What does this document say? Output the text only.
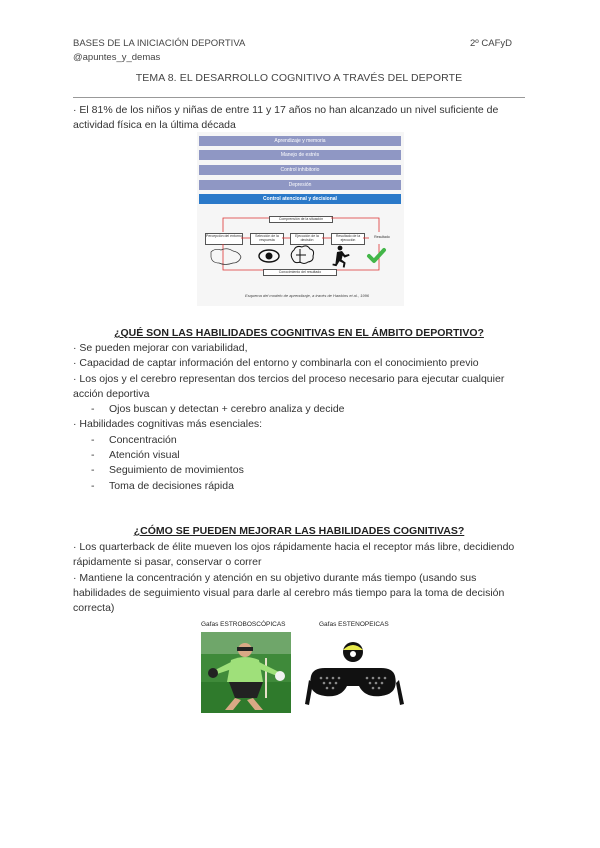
BASES DE LA INICIACIÓN DEPORTIVA
@apuntes_y_demas
2º CAFyD
TEMA 8. EL DESARROLLO COGNITIVO A TRAVÉS DEL DEPORTE
· El 81% de los niños y niñas de entre 11 y 17 años no han alcanzado un nivel suficiente de
actividad física en la última década
Aprendizaje y memoria
Manejo de estrés
Control inhibitorio
Depresión
Control atencional y decisional
Comprensión de la situación
Percepción del entorno	Selección de la respuesta
Ejecución de la decisión
Resultado de la ejecución
Resultado
Conocimiento del resultado
Esquema del modelo de aprendizaje, a través de Hawkins et al., 1996
¿QUÉ SON LAS HABILIDADES COGNITIVAS EN EL ÁMBITO DEPORTIVO?
· Se pueden mejorar con variabilidad,
· Capacidad de captar información del entorno y combinarla con el conocimiento previo
· Los ojos y el cerebro representan dos tercios del proceso necesario para ejecutar cualquier
acción deportiva
- Ojos buscan y detectan + cerebro analiza y decide
· Habilidades cognitivas más esenciales:
- Concentración
- Atención visual
- Seguimiento de movimientos
- Toma de decisiones rápida
¿CÓMO SE PUEDEN MEJORAR LAS HABILIDADES COGNITIVAS?
· Los quarterback de élite mueven los ojos rápidamente hacia el receptor más libre, decidiendo
rápidamente si pasar, conservar o correr
· Mantiene la concentración y atención en su objetivo durante más tiempo (usando sus
habilidades de seguimiento visual para darle al cerebro más tiempo para la toma de decisión
correcta)
Gafas ESTROBOSCÓPICAS	Gafas ESTENOPEICAS
